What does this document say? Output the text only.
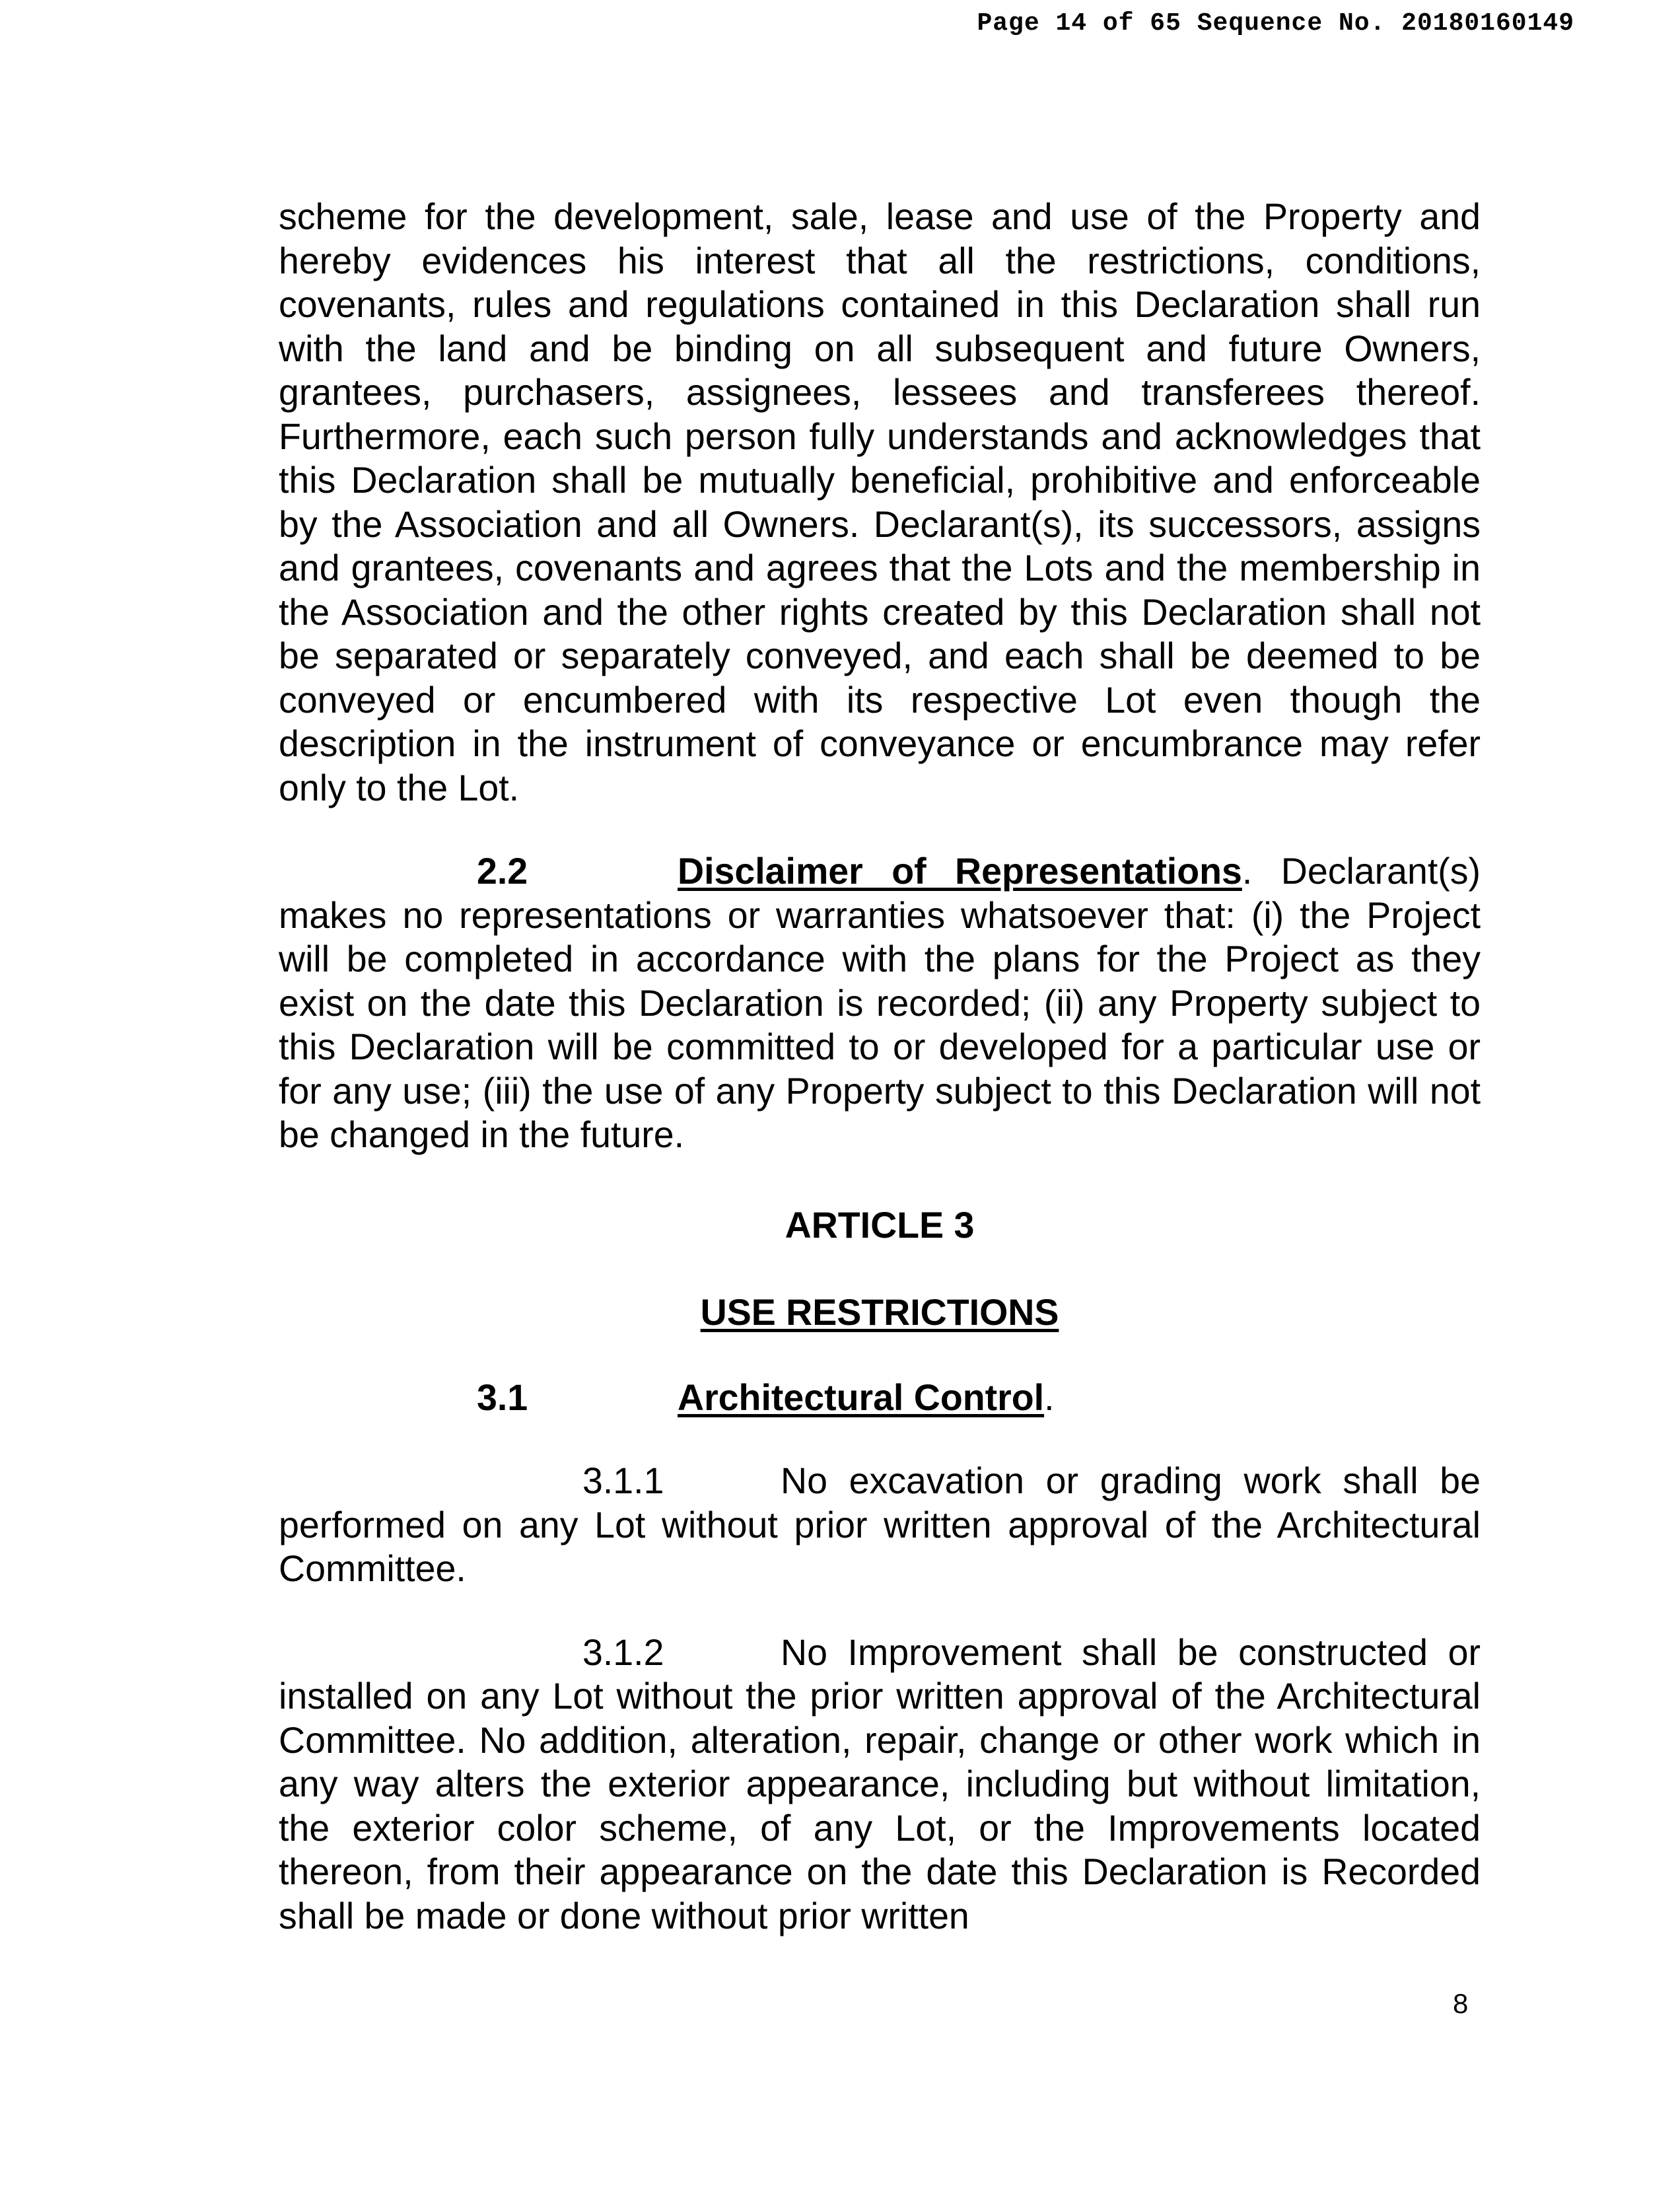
Page 14 of 65 Sequence No. 20180160149

scheme for the development, sale, lease and use of the Property and hereby evidences his interest that all the restrictions, conditions, covenants, rules and regulations contained in this Declaration shall run with the land and be binding on all subsequent and future Owners, grantees, purchasers, assignees, lessees and transferees thereof. Furthermore, each such person fully understands and acknowledges that this Declaration shall be mutually beneficial, prohibitive and enforceable by the Association and all Owners. Declarant(s), its successors, assigns and grantees, covenants and agrees that the Lots and the membership in the Association and the other rights created by this Declaration shall not be separated or separately conveyed, and each shall be deemed to be conveyed or encumbered with its respective Lot even though the description in the instrument of conveyance or encumbrance may refer only to the Lot.

2.2	Disclaimer of Representations. Declarant(s) makes no representations or warranties whatsoever that: (i) the Project will be completed in accordance with the plans for the Project as they exist on the date this Declaration is recorded; (ii) any Property subject to this Declaration will be committed to or developed for a particular use or for any use; (iii) the use of any Property subject to this Declaration will not be changed in the future.

ARTICLE 3

USE RESTRICTIONS

3.1	Architectural Control.

3.1.1	No excavation or grading work shall be performed on any Lot without prior written approval of the Architectural Committee.

3.1.2	No Improvement shall be constructed or installed on any Lot without the prior written approval of the Architectural Committee. No addition, alteration, repair, change or other work which in any way alters the exterior appearance, including but without limitation, the exterior color scheme, of any Lot, or the Improvements located thereon, from their appearance on the date this Declaration is Recorded shall be made or done without prior written

8
